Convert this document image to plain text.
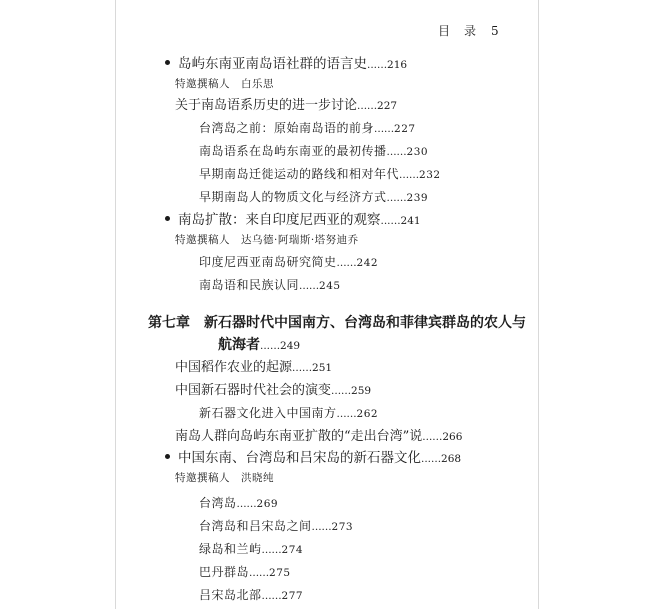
目　录 5
岛屿东南亚南岛语社群的语言史......216
特邀撰稿人　白乐思
关于南岛语系历史的进一步讨论......227
台湾岛之前：原始南岛语的前身......227
南岛语系在岛屿东南亚的最初传播......230
早期南岛迁徙运动的路线和相对年代......232
早期南岛人的物质文化与经济方式......239
南岛扩散：来自印度尼西亚的观察......241
特邀撰稿人　达乌德·阿瑞斯·塔努迪乔
印度尼西亚南岛研究简史......242
南岛语和民族认同......245
第七章　新石器时代中国南方、台湾岛和菲律宾群岛的农人与
航海者......249
中国稻作农业的起源......251
中国新石器时代社会的演变......259
新石器文化进入中国南方......262
南岛人群向岛屿东南亚扩散的“走出台湾”说......266
中国东南、台湾岛和吕宋岛的新石器文化......268
特邀撰稿人　洪晓纯
台湾岛......269
台湾岛和吕宋岛之间......273
绿岛和兰屿......274
巴丹群岛......275
吕宋岛北部......277
